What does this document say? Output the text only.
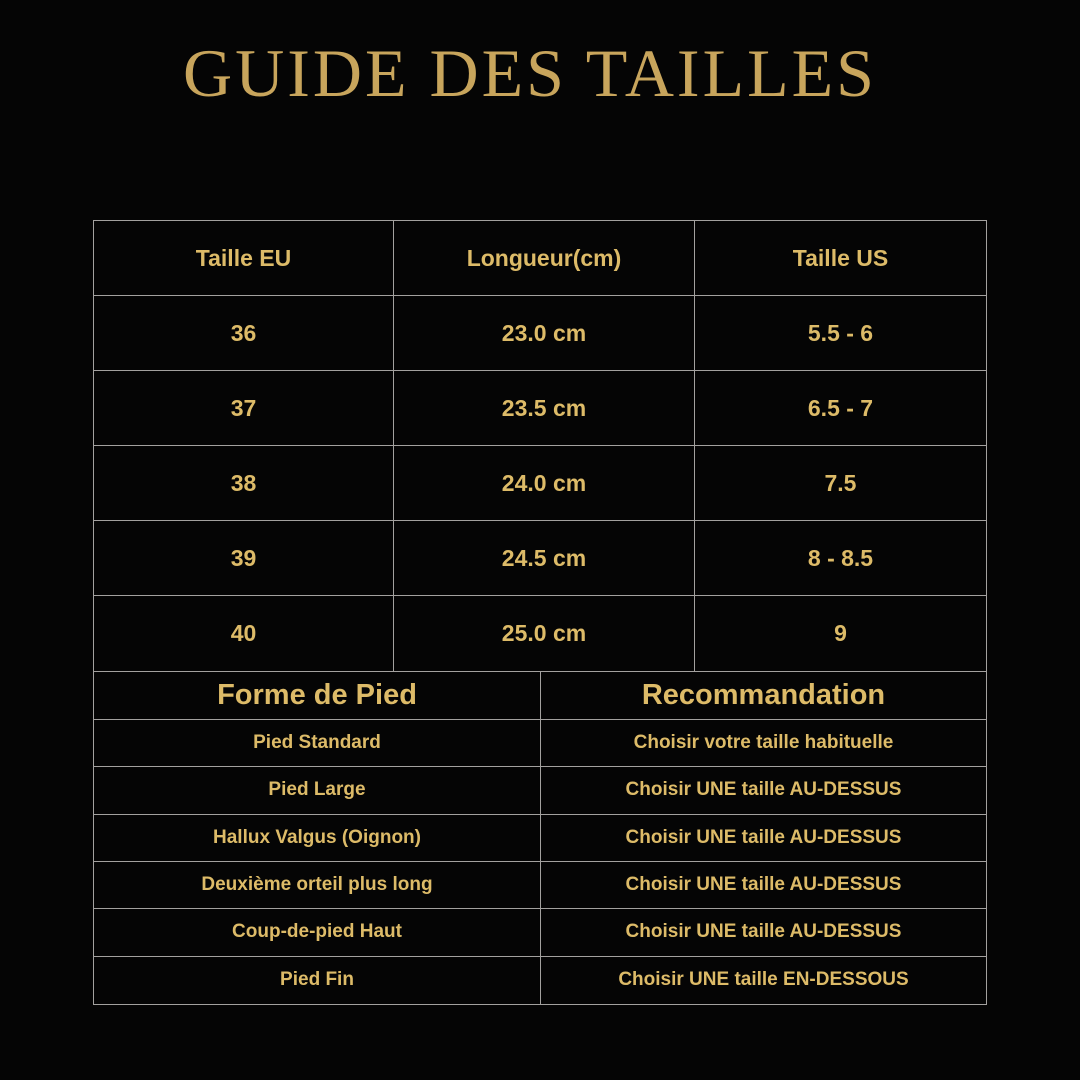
GUIDE DES TAILLES
Taille EU	Longueur(cm)	Taille US
36	23.0 cm	5.5 - 6
37	23.5 cm	6.5 - 7
38	24.0 cm	7.5
39	24.5 cm	8 - 8.5
40	25.0 cm	9
Forme de Pied	Recommandation
Pied Standard	Choisir votre taille habituelle
Pied Large	Choisir UNE taille AU-DESSUS
Hallux Valgus (Oignon)	Choisir UNE taille AU-DESSUS
Deuxième orteil plus long	Choisir UNE taille AU-DESSUS
Coup-de-pied Haut	Choisir UNE taille AU-DESSUS
Pied Fin	Choisir UNE taille EN-DESSOUS
